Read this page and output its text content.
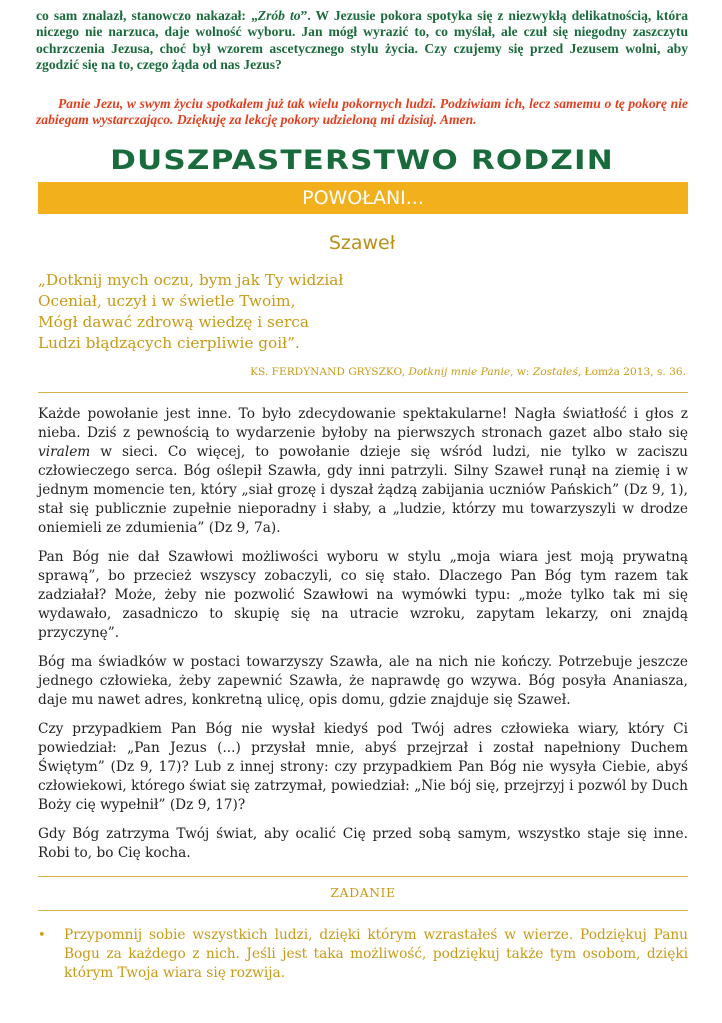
co sam znalazł, stanowczo nakazał: „Zrób to”. W Jezusie pokora spotyka się z niezwykłą delikatnością, która niczego nie narzuca, daje wolność wyboru. Jan mógł wyrazić to, co myślał, ale czuł się niegodny zaszczytu ochrzczenia Jezusa, choć był wzorem ascetycznego stylu życia. Czy czujemy się przed Jezusem wolni, aby zgodzić się na to, czego żąda od nas Jezus?
Panie Jezu, w swym życiu spotkałem już tak wielu pokornych ludzi. Podziwiam ich, lecz samemu o tę pokorę nie zabiegam wystarczająco. Dziękuję za lekcję pokory udzieloną mi dzisiaj. Amen.
DUSZPASTERSTWO RODZIN
POWOŁANI...
Szaweł
„Dotknij mych oczu, bym jak Ty widział
Oceniał, uczył i w świetle Twoim,
Mógł dawać zdrową wiedzę i serca
Ludzi błądzących cierpliwie goił”.
KS. FERDYNAND GRYSZKO, Dotknij mnie Panie, w: Zostałeś, Łomża 2013, s. 36.

Każde powołanie jest inne. To było zdecydowanie spektakularne! Nagła światłość i głos z nieba. Dziś z pewnością to wydarzenie byłoby na pierwszych stronach gazet albo stało się viralem w sieci. Co więcej, to powołanie dzieje się wśród ludzi, nie tylko w zaciszu człowieczego serca. Bóg oślepił Szawła, gdy inni patrzyli. Silny Szaweł runął na ziemię i w jednym momencie ten, który „siał grozę i dyszał żądzą zabijania uczniów Pańskich” (Dz 9, 1), stał się publicznie zupełnie nieporadny i słaby, a „ludzie, którzy mu towarzyszyli w drodze oniemieli ze zdumienia” (Dz 9, 7a).

Pan Bóg nie dał Szawłowi możliwości wyboru w stylu „moja wiara jest moją prywatną sprawą”, bo przecież wszyscy zobaczyli, co się stało. Dlaczego Pan Bóg tym razem tak zadziałał? Może, żeby nie pozwolić Szawłowi na wymówki typu: „może tylko tak mi się wydawało, zasadniczo to skupię się na utracie wzroku, zapytam lekarzy, oni znajdą przyczynę”.

Bóg ma świadków w postaci towarzyszy Szawła, ale na nich nie kończy. Potrzebuje jeszcze jednego człowieka, żeby zapewnić Szawła, że naprawdę go wzywa. Bóg posyła Ananiasza, daje mu nawet adres, konkretną ulicę, opis domu, gdzie znajduje się Szaweł.

Czy przypadkiem Pan Bóg nie wysłał kiedyś pod Twój adres człowieka wiary, który Ci powiedział: „Pan Jezus (...) przysłał mnie, abyś przejrzał i został napełniony Duchem Świętym” (Dz 9, 17)? Lub z innej strony: czy przypadkiem Pan Bóg nie wysyła Ciebie, abyś człowiekowi, którego świat się zatrzymał, powiedział: „Nie bój się, przejrzyj i pozwól by Duch Boży cię wypełnił” (Dz 9, 17)?

Gdy Bóg zatrzyma Twój świat, aby ocalić Cię przed sobą samym, wszystko staje się inne. Robi to, bo Cię kocha.

ZADANIE
• Przypomnij sobie wszystkich ludzi, dzięki którym wzrastałeś w wierze. Podziękuj Panu Bogu za każdego z nich. Jeśli jest taka możliwość, podziękuj także tym osobom, dzięki którym Twoja wiara się rozwija.
